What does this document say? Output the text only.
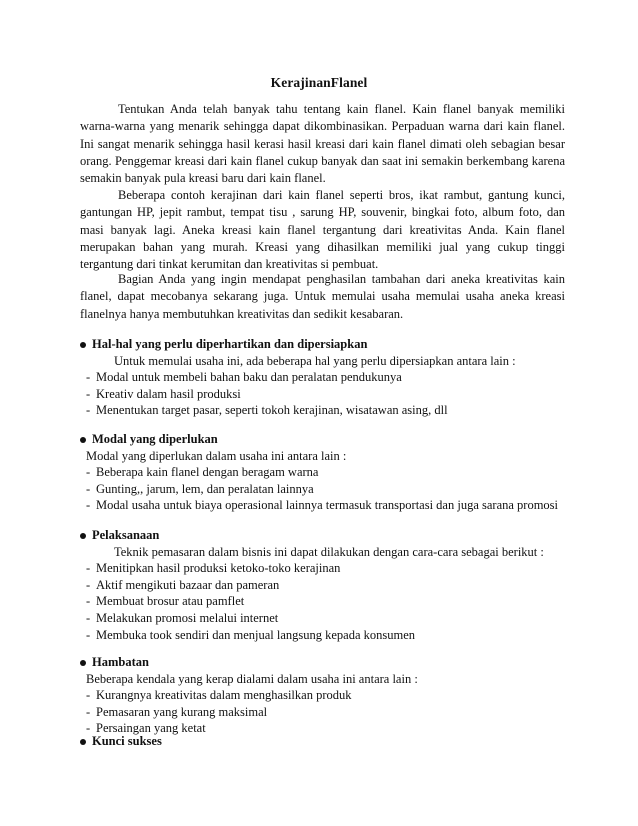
KerajinanFlanel

Tentukan Anda telah banyak tahu tentang kain flanel. Kain flanel banyak memiliki warna-warna yang menarik sehingga dapat dikombinasikan. Perpaduan warna dari kain flanel. Ini sangat menarik sehingga hasil kerasi hasil kreasi dari kain flanel dimati oleh sebagian besar orang. Penggemar kreasi dari kain flanel cukup banyak dan saat ini semakin berkembang karena semakin banyak pula kreasi baru dari kain flanel.

Beberapa contoh kerajinan dari kain flanel seperti bros, ikat rambut, gantung kunci, gantungan HP, jepit rambut, tempat tisu , sarung HP, souvenir, bingkai foto, album foto, dan masi banyak lagi. Aneka kreasi kain flanel tergantung dari kreativitas Anda. Kain flanel merupakan bahan yang murah. Kreasi yang dihasilkan memiliki jual yang cukup tinggi tergantung dari tinkat kerumitan dan kreativitas si pembuat.

Bagian Anda yang ingin mendapat penghasilan tambahan dari aneka kreativitas kain flanel, dapat mecobanya sekarang juga. Untuk memulai usaha memulai usaha aneka kreasi flanelnya hanya membutuhkan kreativitas dan sedikit kesabaran.

Hal-hal yang perlu diperhartikan dan dipersiapkan
Untuk memulai usaha ini, ada beberapa hal yang perlu dipersiapkan antara lain :
- Modal untuk membeli bahan baku dan peralatan pendukunya
- Kreativ dalam hasil produksi
- Menentukan target pasar, seperti tokoh kerajinan, wisatawan asing, dll
Modal yang diperlukan
Modal yang diperlukan dalam usaha ini antara lain :
- Beberapa kain flanel dengan beragam warna
- Gunting,, jarum, lem, dan peralatan lainnya
- Modal usaha untuk biaya operasional lainnya termasuk transportasi dan juga sarana promosi
Pelaksanaan
Teknik pemasaran dalam bisnis ini dapat dilakukan dengan cara-cara sebagai berikut :
- Menitipkan hasil produksi ketoko-toko kerajinan
- Aktif mengikuti bazaar dan pameran
- Membuat brosur atau pamflet
- Melakukan promosi melalui internet
- Membuka took sendiri dan menjual langsung kepada konsumen
Hambatan
Beberapa kendala yang kerap dialami dalam usaha ini antara lain :
- Kurangnya kreativitas dalam menghasilkan produk
- Pemasaran yang kurang maksimal
- Persaingan yang ketat
Kunci sukses
